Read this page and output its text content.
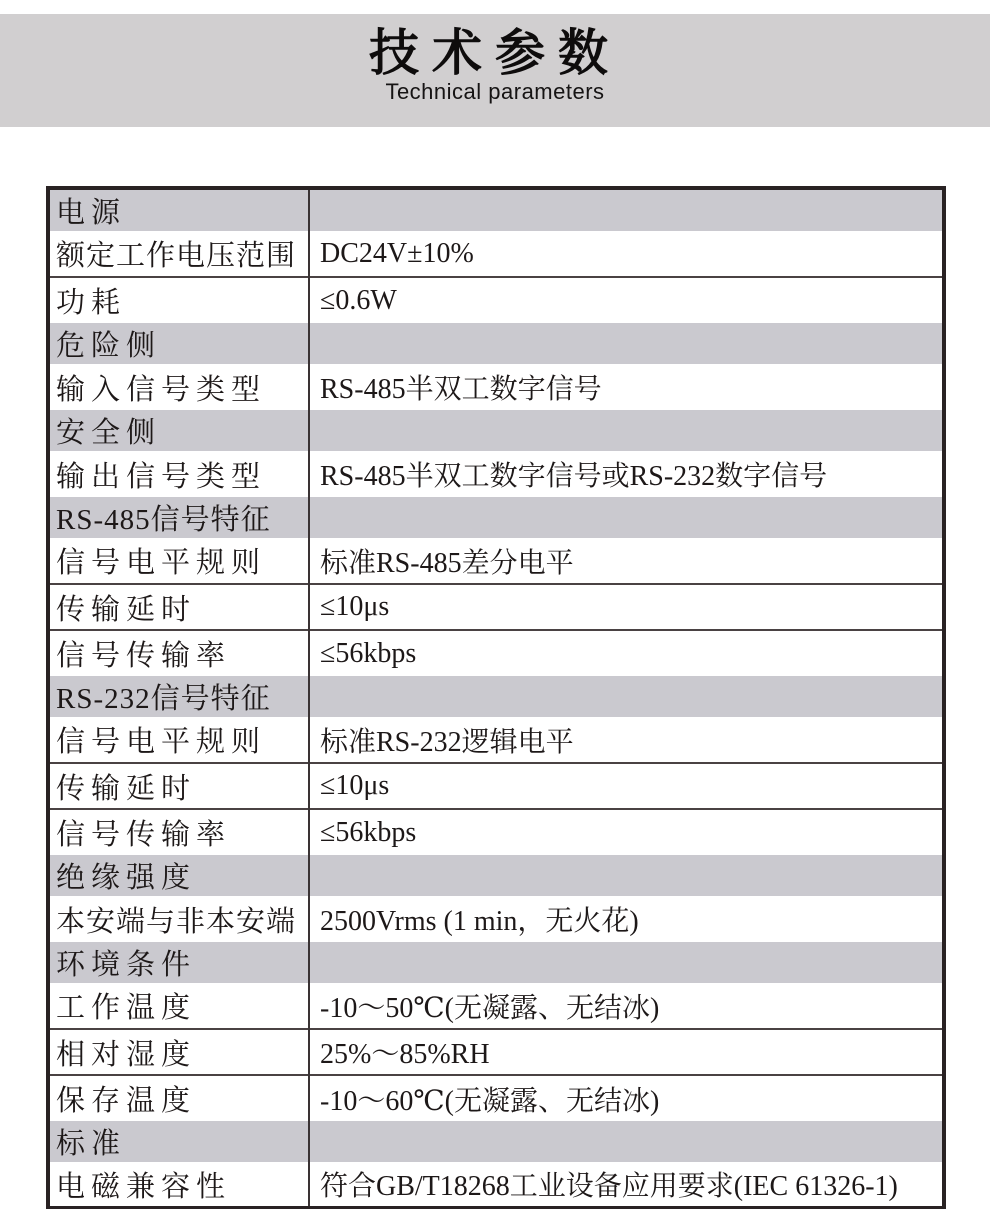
技术参数
Technical parameters
电源	
额定工作电压范围	DC24V±10%
功耗	≤0.6W
危险侧	
输入信号类型	RS-485半双工数字信号
安全侧	
输出信号类型	RS-485半双工数字信号或RS-232数字信号
RS-485信号特征	
信号电平规则	标准RS-485差分电平
传输延时	≤10μs
信号传输率	≤56kbps
RS-232信号特征	
信号电平规则	标准RS-232逻辑电平
传输延时	≤10μs
信号传输率	≤56kbps
绝缘强度	
本安端与非本安端	2500Vrms (1 min，无火花)
环境条件	
工作温度	-10～50℃(无凝露、无结冰)
相对湿度	25%～85%RH
保存温度	-10～60℃(无凝露、无结冰)
标准	
电磁兼容性	符合GB/T18268工业设备应用要求(IEC 61326-1)
